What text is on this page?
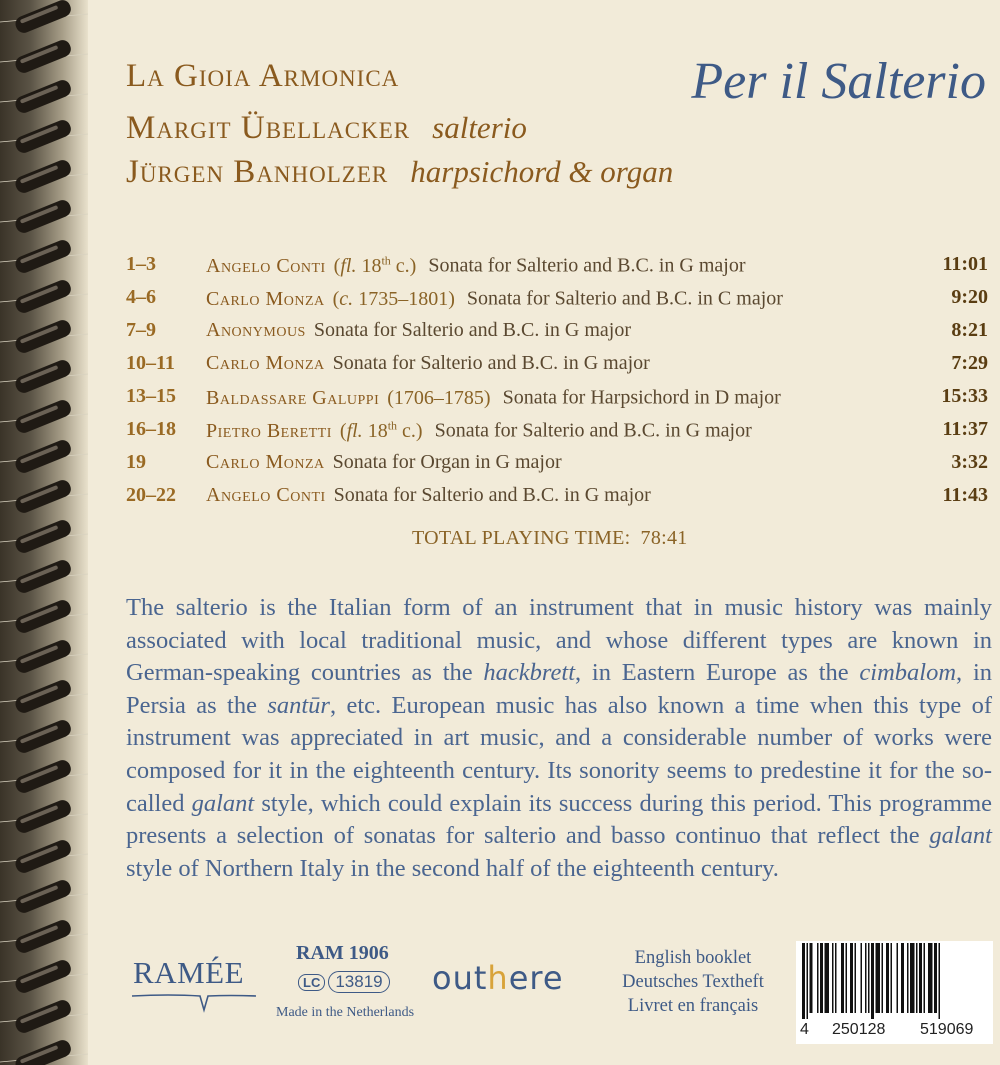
La Gioia Armonica	Per il Salterio
Margit Übellacker salterio
Jürgen Banholzer harpsichord & organ
1–3	Angelo Conti (fl. 18th c.) Sonata for Salterio and B.C. in G major	11:01
4–6	Carlo Monza (c. 1735–1801) Sonata for Salterio and B.C. in C major	9:20
7–9	Anonymous Sonata for Salterio and B.C. in G major	8:21
10–11 Carlo Monza Sonata for Salterio and B.C. in G major	7:29
13–15 Baldassare Galuppi (1706–1785) Sonata for Harpsichord in D major	15:33
16–18 Pietro Beretti (fl. 18th c.) Sonata for Salterio and B.C. in G major	11:37
19	Carlo Monza Sonata for Organ in G major	3:32
20–22 Angelo Conti Sonata for Salterio and B.C. in G major	11:43
TOTAL PLAYING TIME: 78:41
The salterio is the Italian form of an instrument that in music history was mainly associated with local traditional music, and whose different types are known in German-speaking countries as the hackbrett, in Eastern Europe as the cimbalom, in Persia as the santūr, etc. European music has also known a time when this type of instrument was appreciated in art music, and a considerable number of works were composed for it in the eighteenth century. Its sonority seems to predestine it for the so-called galant style, which could explain its success during this period. This programme presents a selection of sonatas for salterio and basso continuo that reflect the galant style of Northern Italy in the second half of the eighteenth century.
RAMÉE
RAM 1906
LC 13819
Made in the Netherlands
outhere
English booklet
Deutsches Textheft
Livret en français
4 250128 519069
